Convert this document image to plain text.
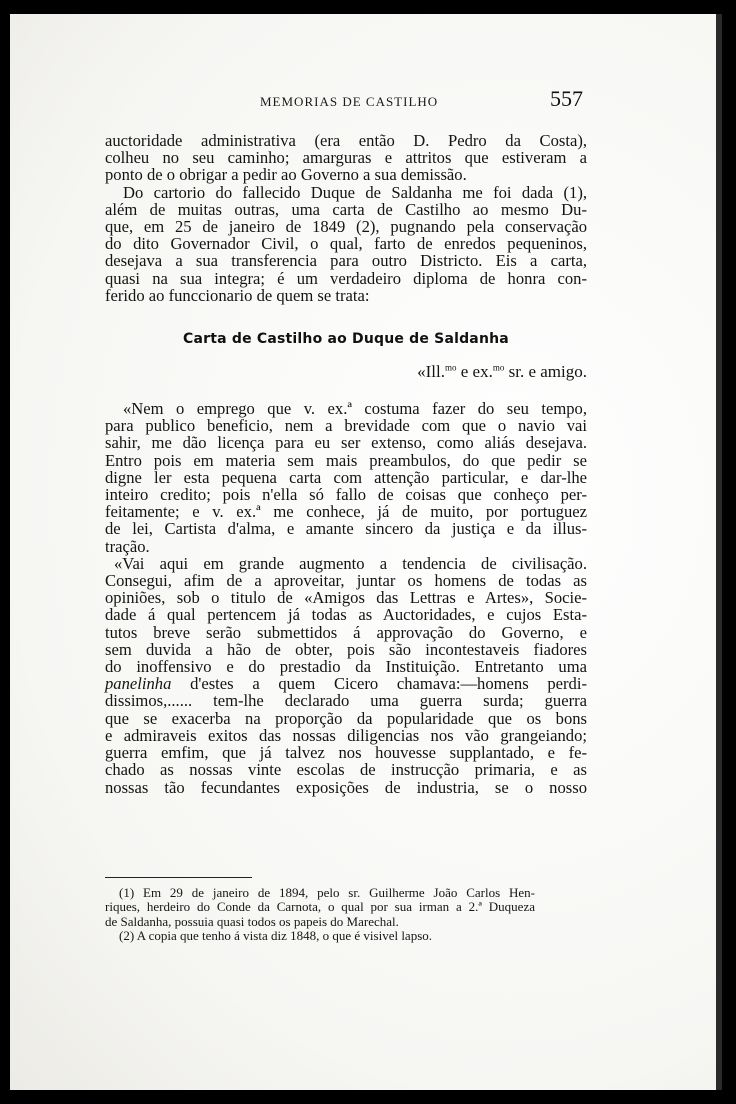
MEMORIAS DE CASTILHO	557
auctoridade administrativa (era então D. Pedro da Costa),
colheu no seu caminho; amarguras e attritos que estiveram a
ponto de o obrigar a pedir ao Governo a sua demissão.
Do cartorio do fallecido Duque de Saldanha me foi dada (1),
além de muitas outras, uma carta de Castilho ao mesmo Du-
que, em 25 de janeiro de 1849 (2), pugnando pela conservação
do dito Governador Civil, o qual, farto de enredos pequeninos,
desejava a sua transferencia para outro Districto. Eis a carta,
quasi na sua integra; é um verdadeiro diploma de honra con-
ferido ao funccionario de quem se trata:
Carta de Castilho ao Duque de Saldanha
«Ill.$^{mo}$ e ex.$^{mo}$ sr. e amigo.
«Nem o emprego que v. ex.ª costuma fazer do seu tempo,
para publico beneficio, nem a brevidade com que o navio vai
sahir, me dão licença para eu ser extenso, como aliás desejava.
Entro pois em materia sem mais preambulos, do que pedir se
digne ler esta pequena carta com attenção particular, e dar-lhe
inteiro credito; pois n'ella só fallo de coisas que conheço per-
feitamente; e v. ex.ª me conhece, já de muito, por portuguez
de lei, Cartista d'alma, e amante sincero da justiça e da illus-
tração.
«Vai aqui em grande augmento a tendencia de civilisação.
Consegui, afim de a aproveitar, juntar os homens de todas as
opiniões, sob o titulo de «Amigos das Lettras e Artes», Socie-
dade á qual pertencem já todas as Auctoridades, e cujos Esta-
tutos breve serão submettidos á approvação do Governo, e
sem duvida a hão de obter, pois são incontestaveis fiadores
do inoffensivo e do prestadio da Instituição. Entretanto uma
panelinha d'estes a quem Cicero chamava:—homens perdi-
dissimos,...... tem-lhe declarado uma guerra surda; guerra
que se exacerba na proporção da popularidade que os bons
e admiraveis exitos das nossas diligencias nos vão grangeiando;
guerra emfim, que já talvez nos houvesse supplantado, e fe-
chado as nossas vinte escolas de instrucção primaria, e as
nossas tão fecundantes exposições de industria, se o nosso
(1) Em 29 de janeiro de 1894, pelo sr. Guilherme João Carlos Hen-
riques, herdeiro do Conde da Carnota, o qual por sua irman a 2.ª Duqueza
de Saldanha, possuia quasi todos os papeis do Marechal.
(2) A copia que tenho á vista diz 1848, o que é visivel lapso.
